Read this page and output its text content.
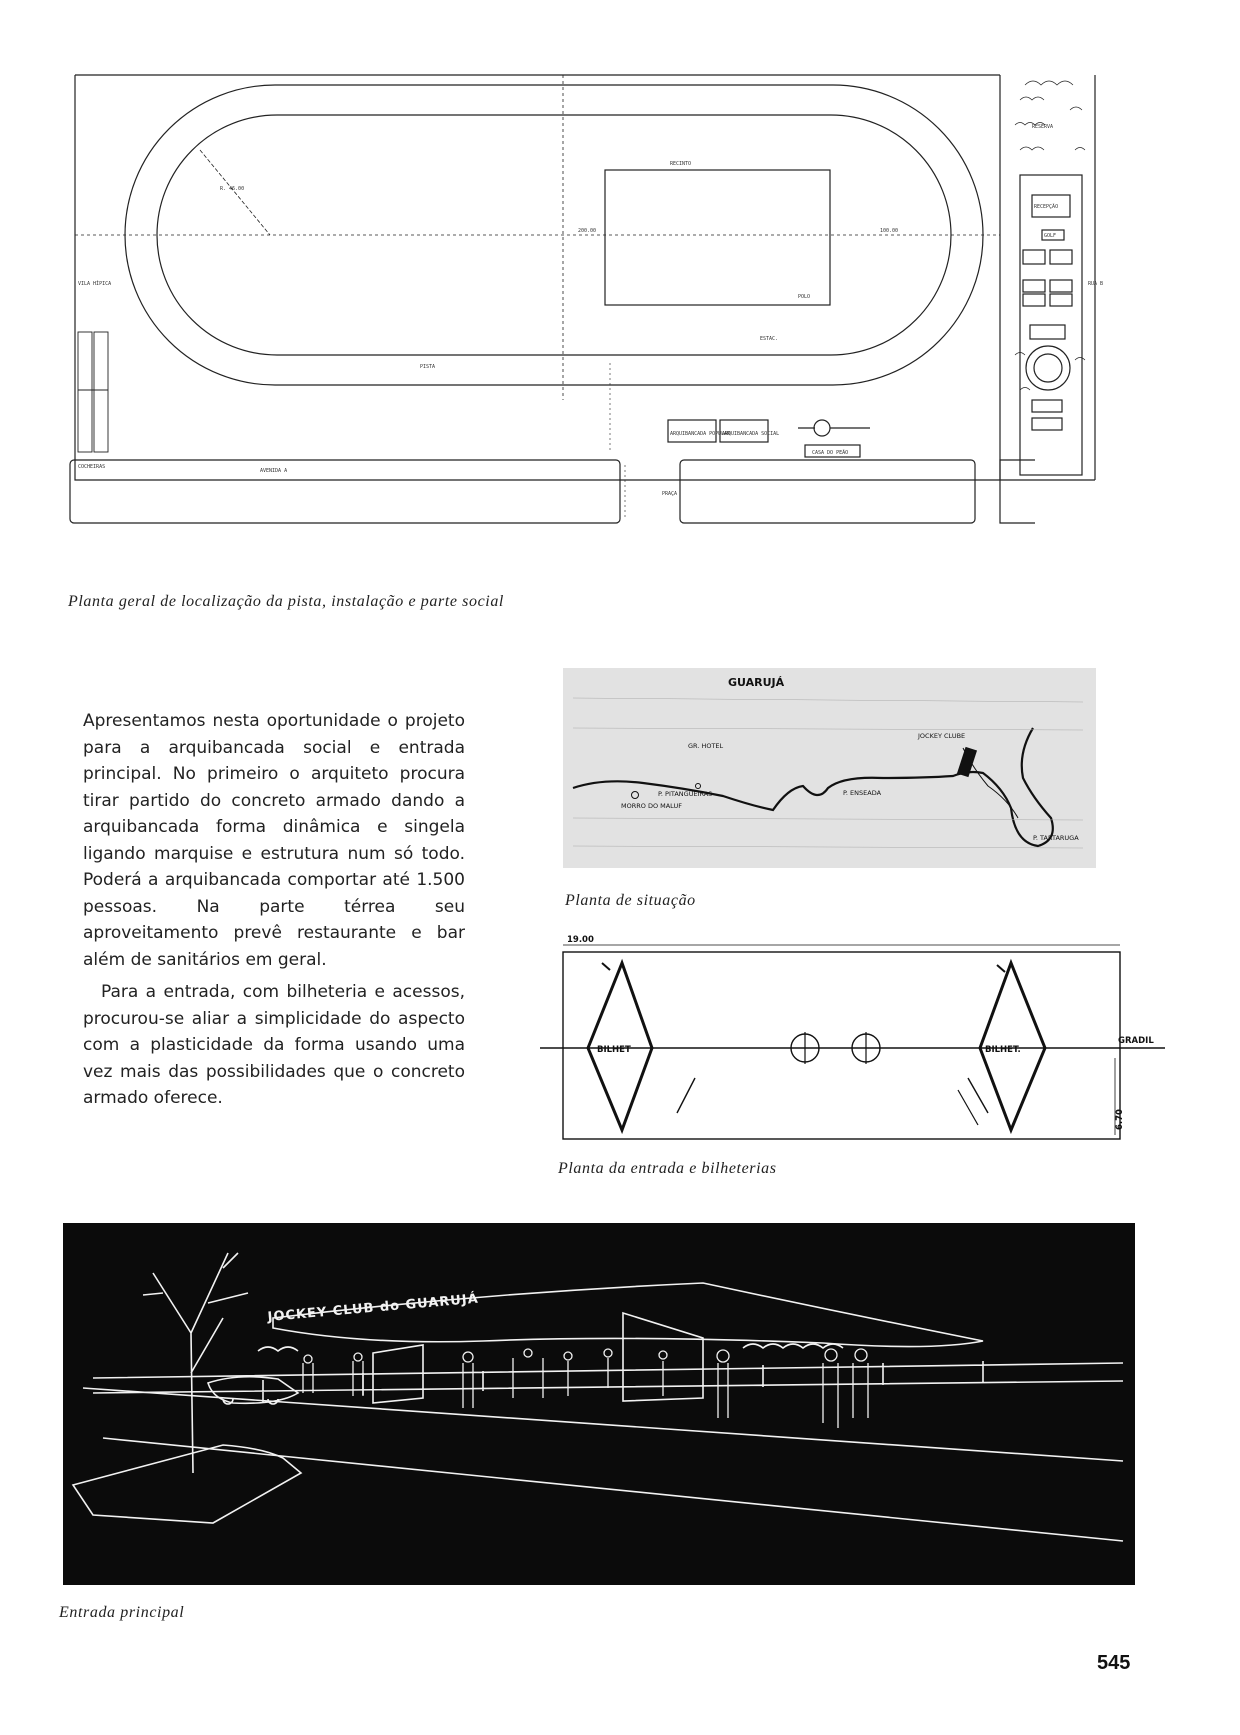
R. 46.00
RECINTO
POLO
PISTA
VILA HÍPICA
COCHEIRAS
AVENIDA A
PRAÇA
ARQUIBANCADA POPULAR
ARQUIBANCADA SOCIAL
CASA DO PEÃO
ESTAC.
RECEPÇÃO
RESERVA
GOLF
RUA B
200.00	100.00
Planta geral de localização da pista, instalação e parte social

Apresentamos nesta oportunidade o projeto para a arquibancada social e entrada principal. No primeiro o arquiteto procura tirar partido do concreto armado dando a arquibancada forma dinâmica e singela ligando marquise e estrutura num só todo. Poderá a arquibancada comportar até 1.500 pessoas. Na parte térrea seu aproveitamento prevê restaurante e bar além de sanitários em geral.

Para a entrada, com bilheteria e acessos, procurou-se aliar a simplicidade do aspecto com a plasticidade da forma usando uma vez mais das possibilidades que o concreto armado oferece.

GUARUJÁ
GR. HOTEL
JOCKEY CLUBE
P. PITANGUEIRAS	P. ENSEADA
P. TARTARUGA
MORRO DO MALUF
Planta de situação
19.00
BILHET	BILHET.
GRADIL
6.70
Planta da entrada e bilheterias
JOCKEY CLUB do GUARUJÁ
Entrada principal
545
